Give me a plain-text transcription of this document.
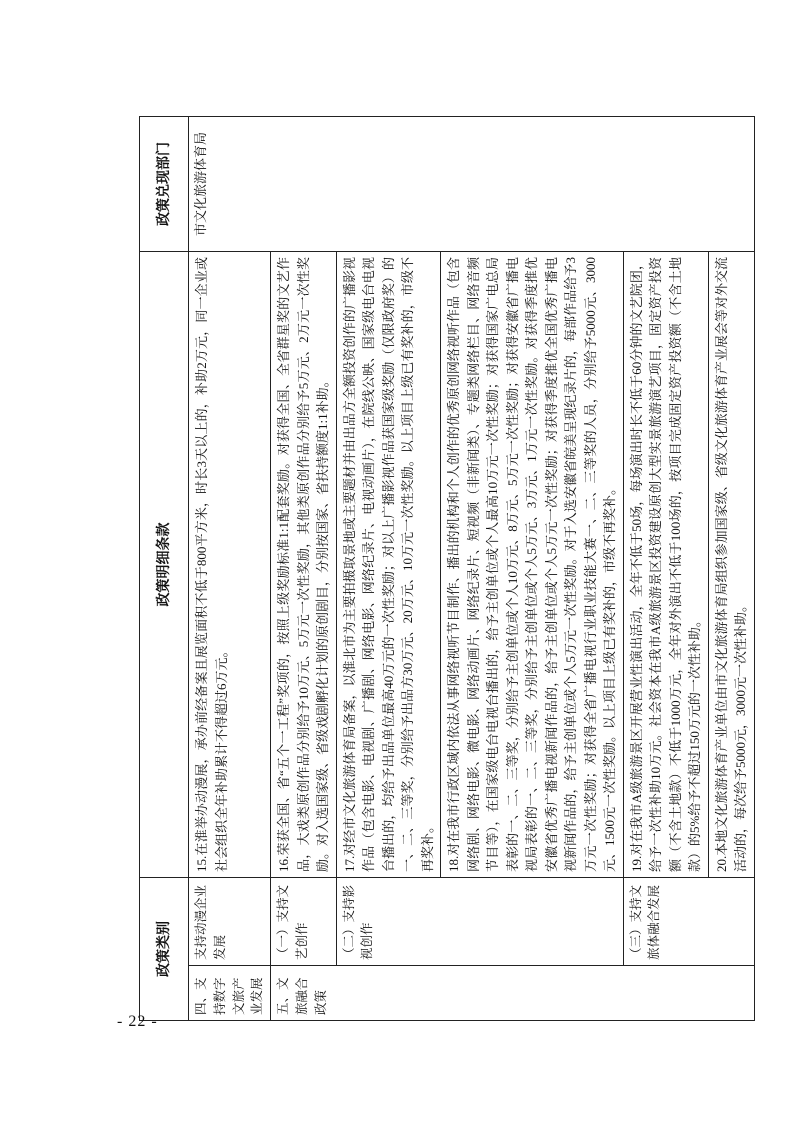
政策类别		政策明细条款	政策兑现部门
四、支持数字文旅产业发展	支持动漫企业发展	15.在淮举办动漫展，承办前经备案且展览面积不低于800平方米，时长3天以上的，补助2万元，同一企业或社会组织全年补助累计不得超过6万元。	市文化旅游体育局
五、文旅融合政策	（一）支持文艺创作	16.荣获全国、省“五个一工程”奖项的，按照上级奖励标准1:1配套奖励。对获得全国、全省群星奖的文艺作品，大戏类原创作品分别给予10万元、5万元一次性奖励，其他类原创作品分别给予5万元、2万元一次性奖励。对入选国家级、省级戏剧孵化计划的原创剧目，分别按国家、省扶持额度1:1补助。	
	（二）支持影视创作	17.对经市文化旅游体育局备案，以淮北市为主要拍摄取景地或主要题材并由出品方全额投资创作的广播影视作品（包含电影、电视剧、广播剧、网络电影、网络纪录片、电视动画片），在院线公映、国家级电台电视台播出的，均给予出品单位最高40万元的一次性奖励；对以上广播影视作品获国家级奖励（仅限政府奖）的一、二、三等奖，分别给予出品方30万元、20万元、10万元一次性奖励。以上项目上级已有奖补的，市级不再奖补。	
		18.对在我市行政区域内依法从事网络视听节目制作、播出的机构和个人创作的优秀原创网络视听作品（包含网络剧、网络电影、微电影、网络动画片、网络纪录片、短视频（非新闻类）、专题类网络栏目、网络音频节目等），在国家级电台电视台播出的，给予主创单位或个人最高10万元一次性奖励；对获得国家广电总局表彰的一、二、三等奖，分别给予主创单位或个人10万元、8万元、5万元一次性奖励；对获得安徽省广播电视局表彰的一、二、三等奖，分别给予主创单位或个人5万元、3万元、1万元一次性奖励。对获得季度推优安徽省优秀广播电视新闻作品的，给予主创单位或个人5万元一次性奖励；对获得季度推优全国优秀广播电视新闻作品的，给予主创单位或个人5万元一次性奖励。对于入选安徽省皖美呈现纪录片的，每部作品给予3万元一次性奖励；对获得全省广播电视行业职业技能大赛一、二、三等奖的人员，分别给予5000元、3000元、1500元一次性奖励。以上项目上级已有奖补的，市级不再奖补。	
	（三）支持文旅体融合发展	19.对在我市A级旅游景区开展营业性演出活动，全年不低于50场，每场演出时长不低于60分钟的文艺院团，给予一次性补助10万元。社会资本在我市A级旅游景区投资建设原创大型实景旅游演艺项目，固定资产投资额（不含土地款）不低于1000万元，全年对外演出不低于100场的，按项目完成固定资产投资额（不含土地款）的5%给予不超过150万元的一次性补助。	
		20.本地文化旅游体育产业单位由市文化旅游体育局组织参加国家级、省级文化旅游体育产业展会等对外交流活动的，每次给予5000元，3000元一次性补助。	
- 22 -
